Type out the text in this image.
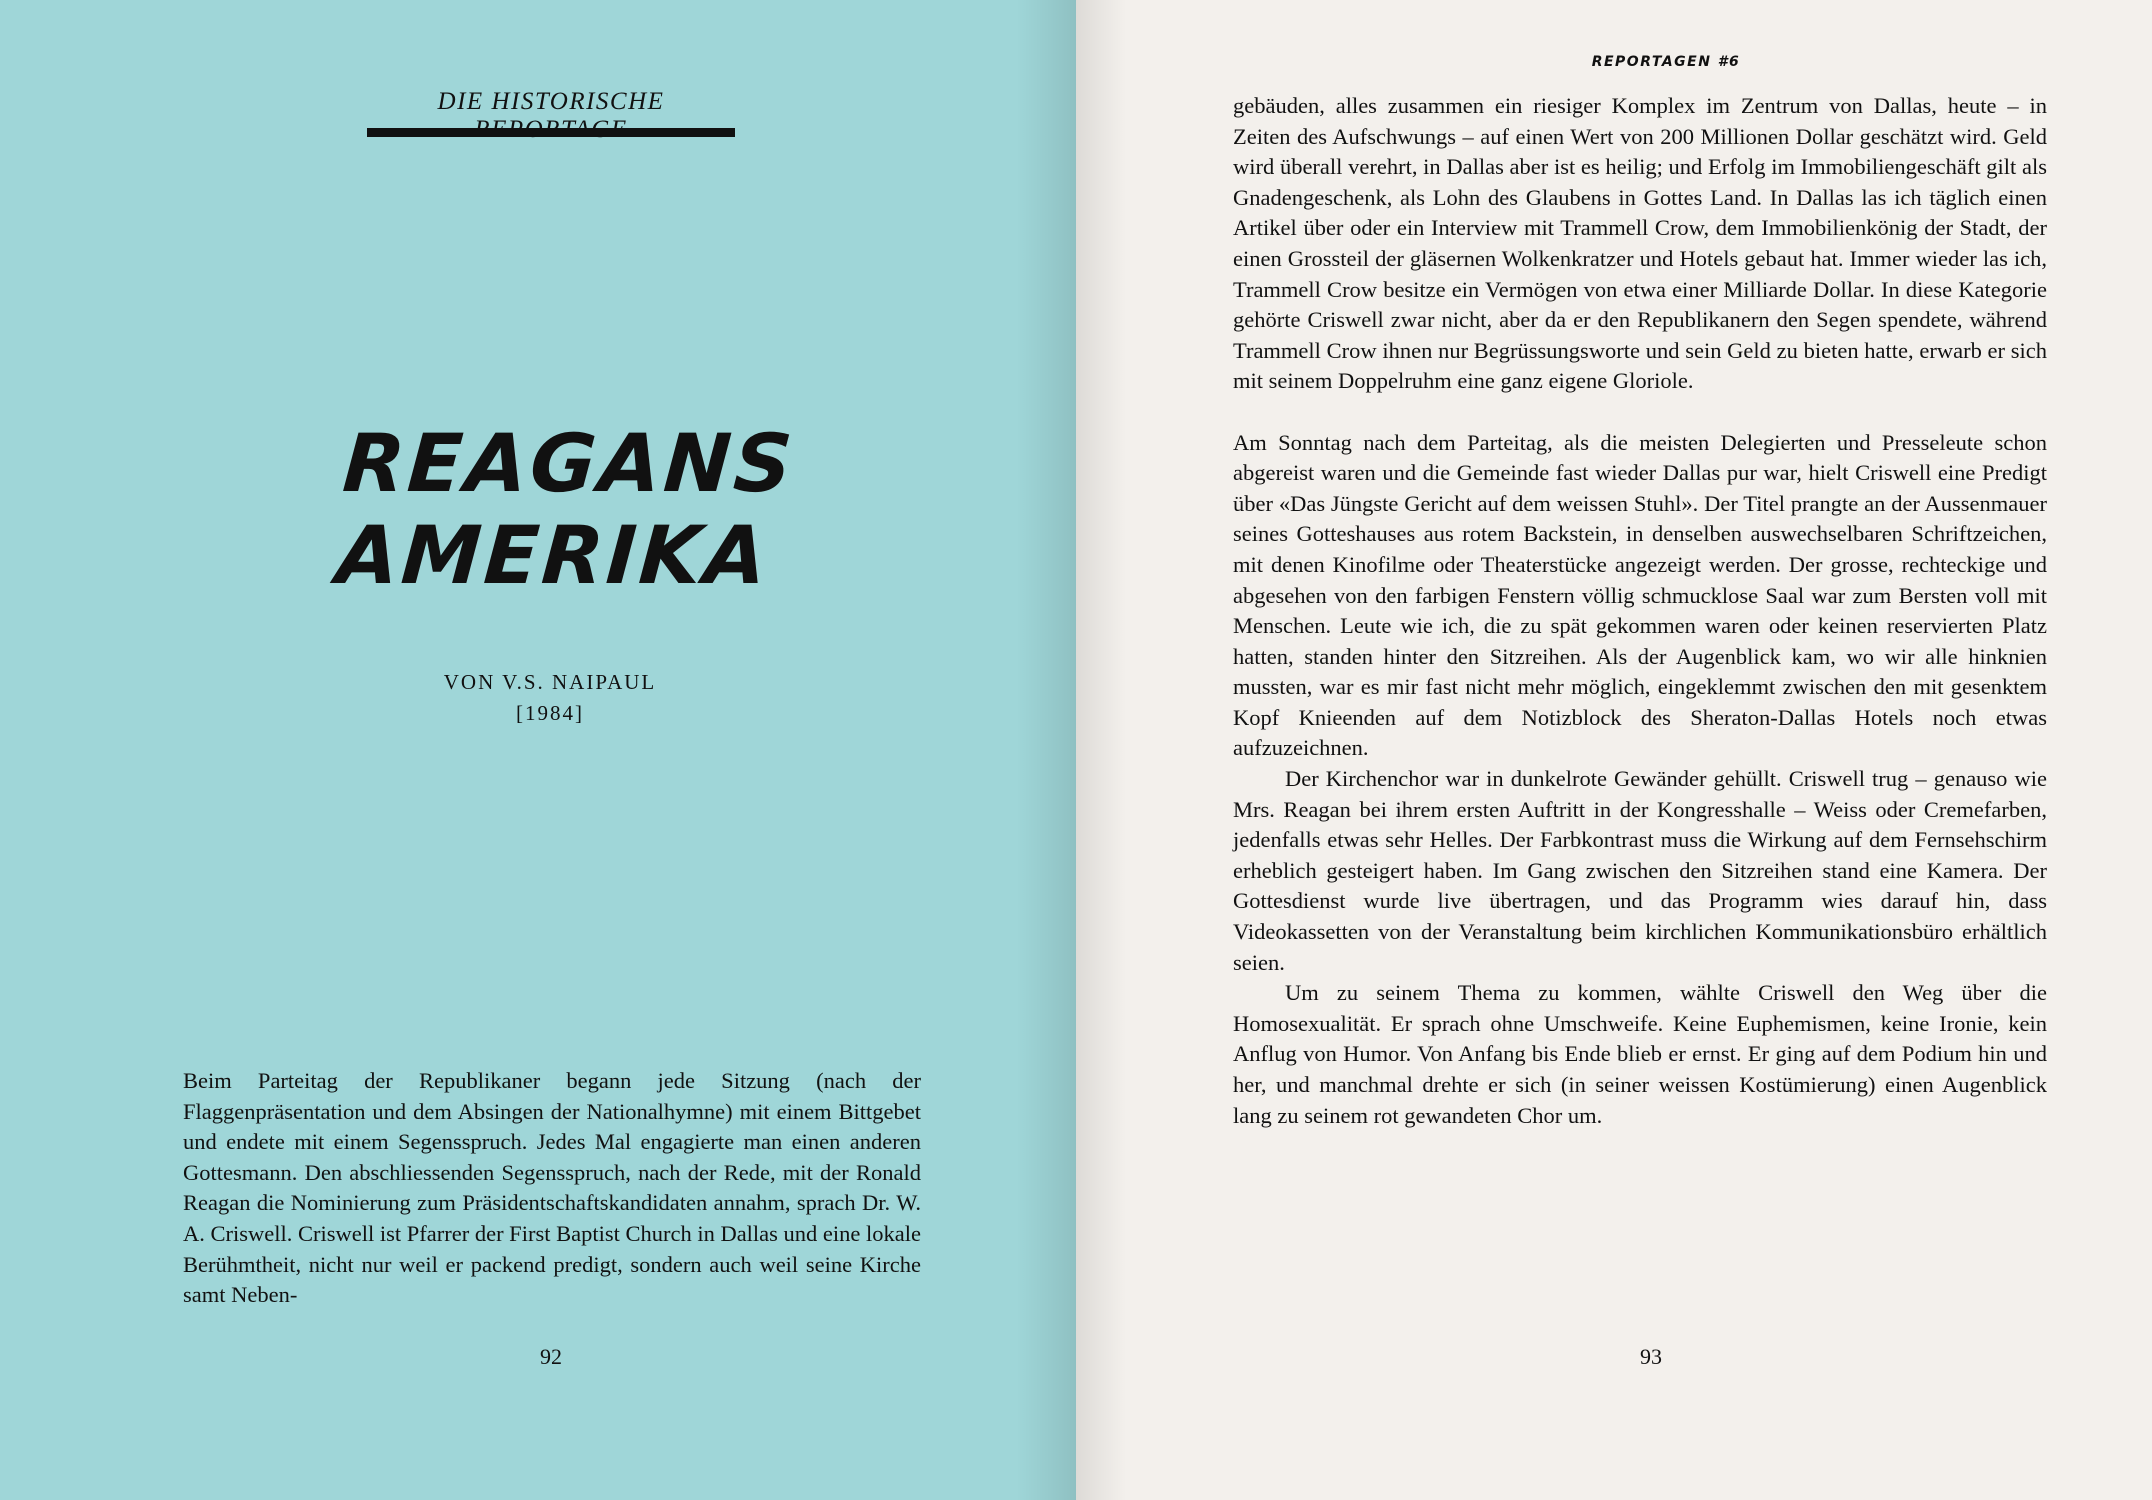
DIE HISTORISCHE
REAGANS
AMERIKA
VON V.S. NAIPAUL
[1984]

Beim Parteitag der Republikaner begann jede Sitzung (nach der Flaggenpräsentation und dem Absingen der Nationalhymne) mit einem Bittgebet und endete mit einem Segensspruch. Jedes Mal engagierte man einen anderen Gottesmann. Den abschliessenden Segensspruch, nach der Rede, mit der Ronald Reagan die Nominierung zum Präsidentschaftskandidaten annahm, sprach Dr. W. A. Criswell. Criswell ist Pfarrer der First Baptist Church in Dallas und eine lokale Berühmtheit, nicht nur weil er packend predigt, sondern auch weil seine Kirche samt Neben-

92
REPORTAGEN #6

gebäuden, alles zusammen ein riesiger Komplex im Zentrum von Dallas, heute – in Zeiten des Aufschwungs – auf einen Wert von 200 Millionen Dollar geschätzt wird. Geld wird überall verehrt, in Dallas aber ist es heilig; und Erfolg im Immobiliengeschäft gilt als Gnadengeschenk, als Lohn des Glaubens in Gottes Land. In Dallas las ich täglich einen Artikel über oder ein Interview mit Trammell Crow, dem Immobilienkönig der Stadt, der einen Grossteil der gläsernen Wolkenkratzer und Hotels gebaut hat. Immer wieder las ich, Trammell Crow besitze ein Vermögen von etwa einer Milliarde Dollar. In diese Kategorie gehörte Criswell zwar nicht, aber da er den Republikanern den Segen spendete, während Trammell Crow ihnen nur Begrüssungsworte und sein Geld zu bieten hatte, erwarb er sich mit seinem Doppelruhm eine ganz eigene Gloriole.

Am Sonntag nach dem Parteitag, als die meisten Delegierten und Presseleute schon abgereist waren und die Gemeinde fast wieder Dallas pur war, hielt Criswell eine Predigt über «Das Jüngste Gericht auf dem weissen Stuhl». Der Titel prangte an der Aussenmauer seines Gotteshauses aus rotem Backstein, in denselben auswechselbaren Schriftzeichen, mit denen Kinofilme oder Theaterstücke angezeigt werden. Der grosse, rechteckige und abgesehen von den farbigen Fenstern völlig schmucklose Saal war zum Bersten voll mit Menschen. Leute wie ich, die zu spät gekommen waren oder keinen reservierten Platz hatten, standen hinter den Sitzreihen. Als der Augenblick kam, wo wir alle hinknien mussten, war es mir fast nicht mehr möglich, eingeklemmt zwischen den mit gesenktem Kopf Knieenden auf dem Notizblock des Sheraton-Dallas Hotels noch etwas aufzuzeichnen.

Der Kirchenchor war in dunkelrote Gewänder gehüllt. Criswell trug – genauso wie Mrs. Reagan bei ihrem ersten Auftritt in der Kongresshalle – Weiss oder Cremefarben, jedenfalls etwas sehr Helles. Der Farbkontrast muss die Wirkung auf dem Fernsehschirm erheblich gesteigert haben. Im Gang zwischen den Sitzreihen stand eine Kamera. Der Gottesdienst wurde live übertragen, und das Programm wies darauf hin, dass Videokassetten von der Veranstaltung beim kirchlichen Kommunikationsbüro erhältlich seien.

Um zu seinem Thema zu kommen, wählte Criswell den Weg über die Homosexualität. Er sprach ohne Umschweife. Keine Euphemismen, keine Ironie, kein Anflug von Humor. Von Anfang bis Ende blieb er ernst. Er ging auf dem Podium hin und her, und manchmal drehte er sich (in seiner weissen Kostümierung) einen Augenblick lang zu seinem rot gewandeten Chor um.

93
